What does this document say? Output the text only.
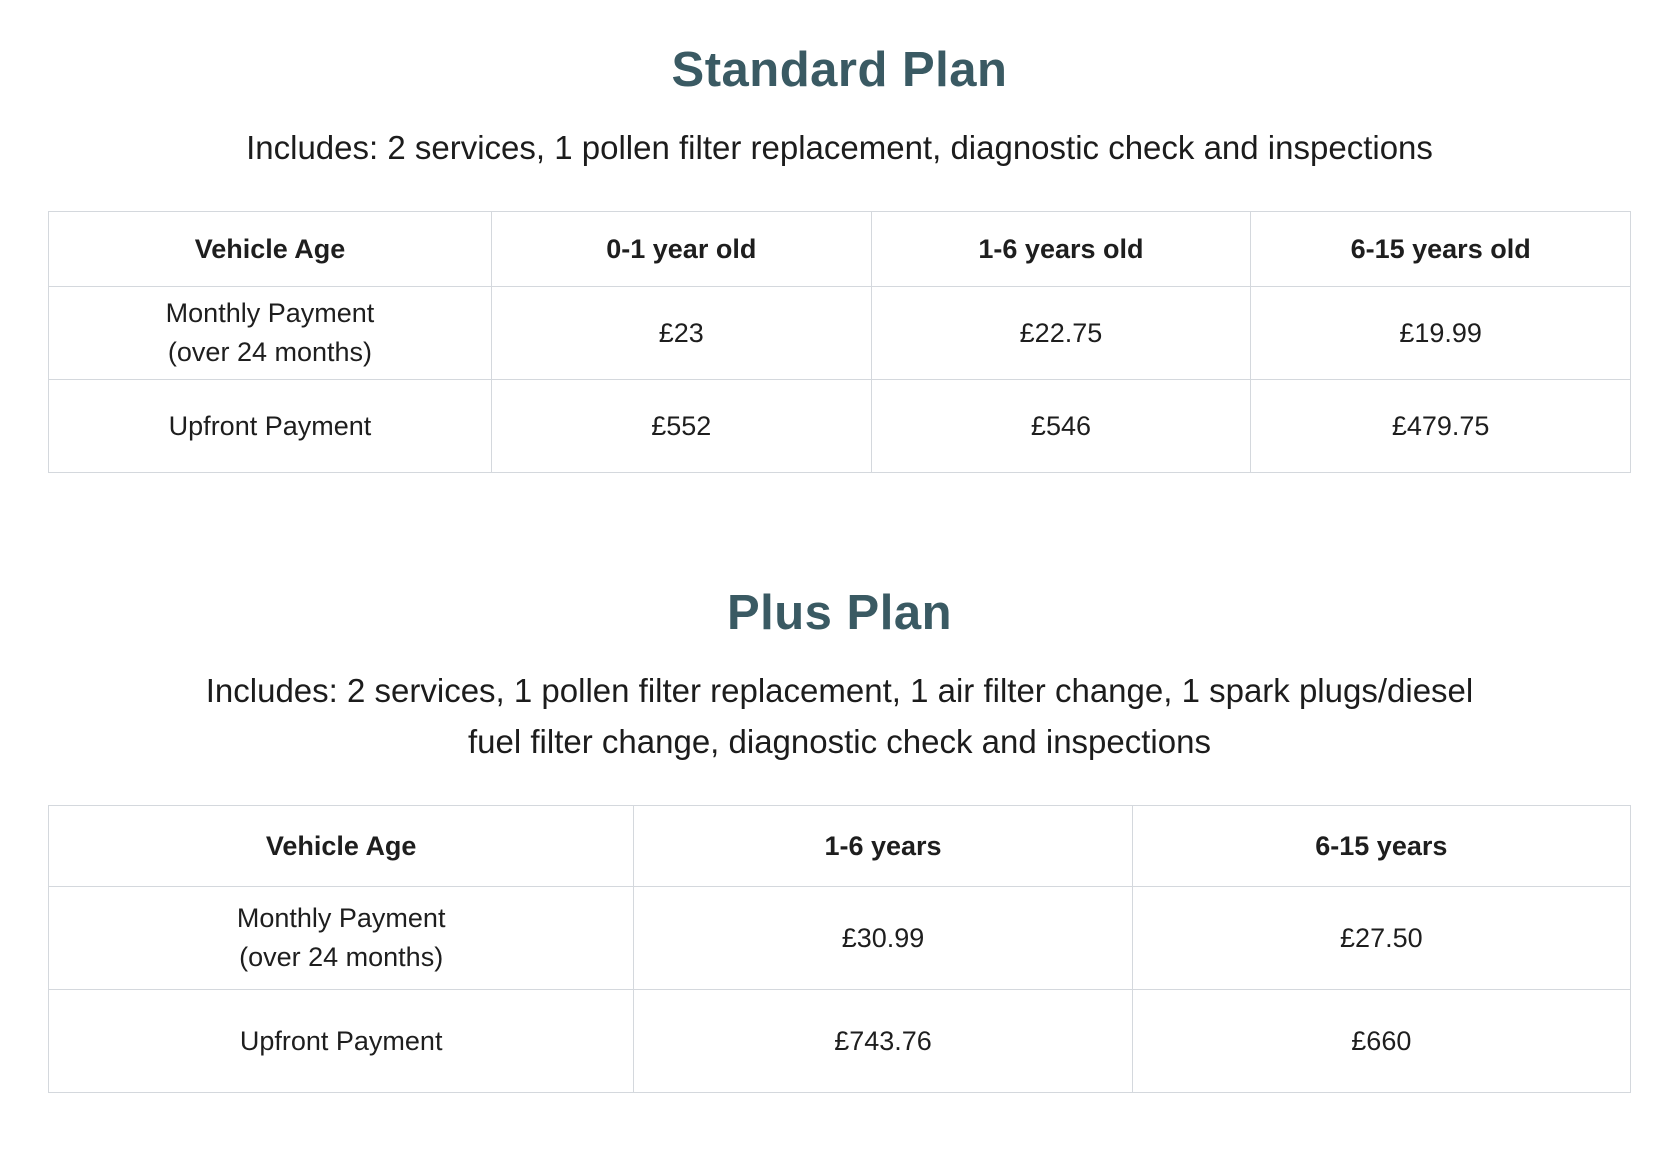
Standard Plan

Includes: 2 services, 1 pollen filter replacement, diagnostic check and inspections

Vehicle Age	0-1 year old	1-6 years old	6-15 years old

Monthly Payment
(over 24 months)	£23	£22.75	£19.99

Upfront Payment	£552	£546	£479.75
Plus Plan

Includes: 2 services, 1 pollen filter replacement, 1 air filter change, 1 spark plugs/diesel fuel filter change, diagnostic check and inspections

Vehicle Age	1-6 years	6-15 years

Monthly Payment
(over 24 months)	£30.99	£27.50

Upfront Payment	£743.76	£660
